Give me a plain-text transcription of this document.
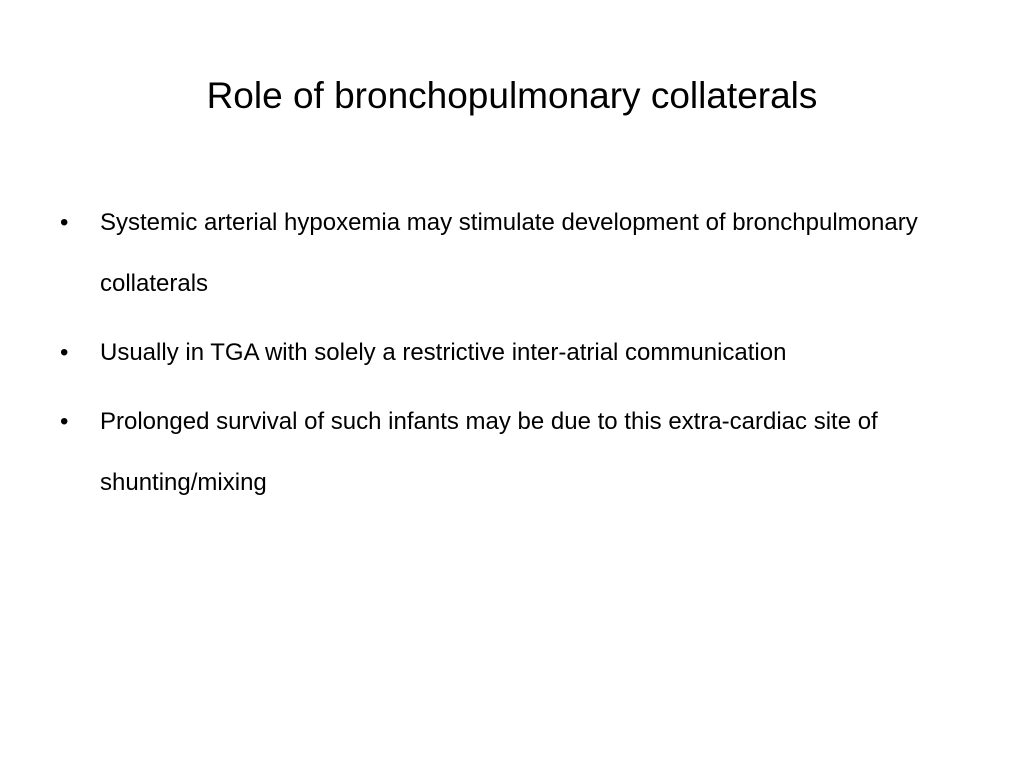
Role of bronchopulmonary collaterals
•	Systemic arterial hypoxemia may stimulate development of bronchpulmonary collaterals
•	Usually in TGA with solely a restrictive inter-atrial communication
•	Prolonged survival of such infants may be due to this extra-cardiac site of shunting/mixing
